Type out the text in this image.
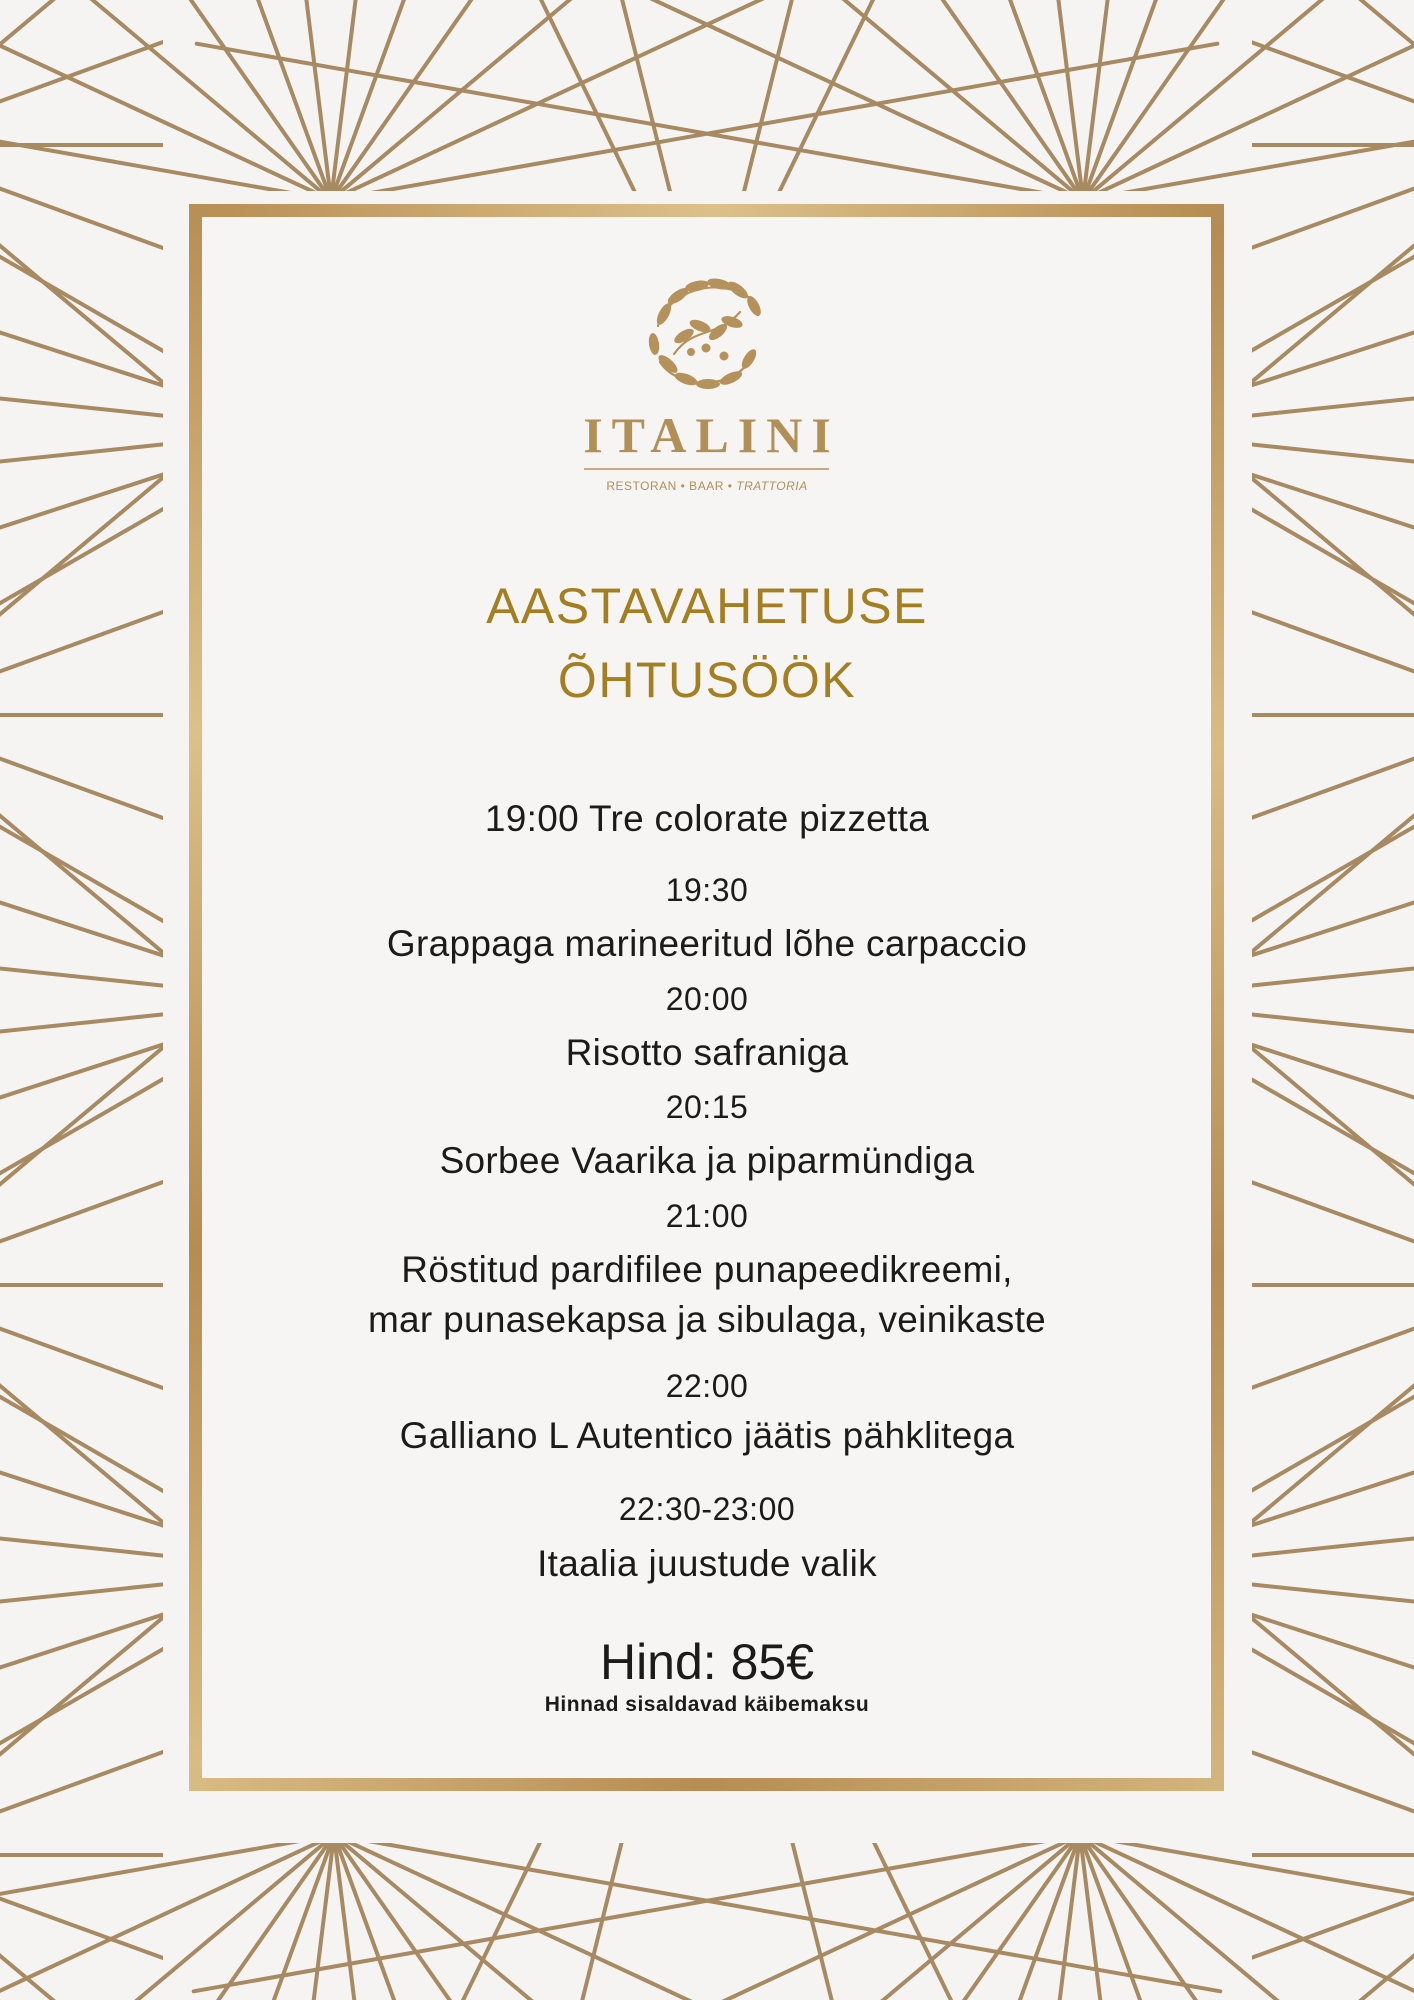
ITALINI
RESTORAN • BAAR • TRATTORIA
AASTAVAHETUSE
ÕHTUSÖÖK
19:00 Tre colorate pizzetta
19:30
Grappaga marineeritud lõhe carpaccio
20:00
Risotto safraniga
20:15
Sorbee Vaarika ja piparmündiga
21:00
Röstitud pardifilee punapeedikreemi,
mar punasekapsa ja sibulaga, veinikaste
22:00
Galliano L Autentico jäätis pähklitega
22:30-23:00
Itaalia juustude valik
Hind: 85€
Hinnad sisaldavad käibemaksu
